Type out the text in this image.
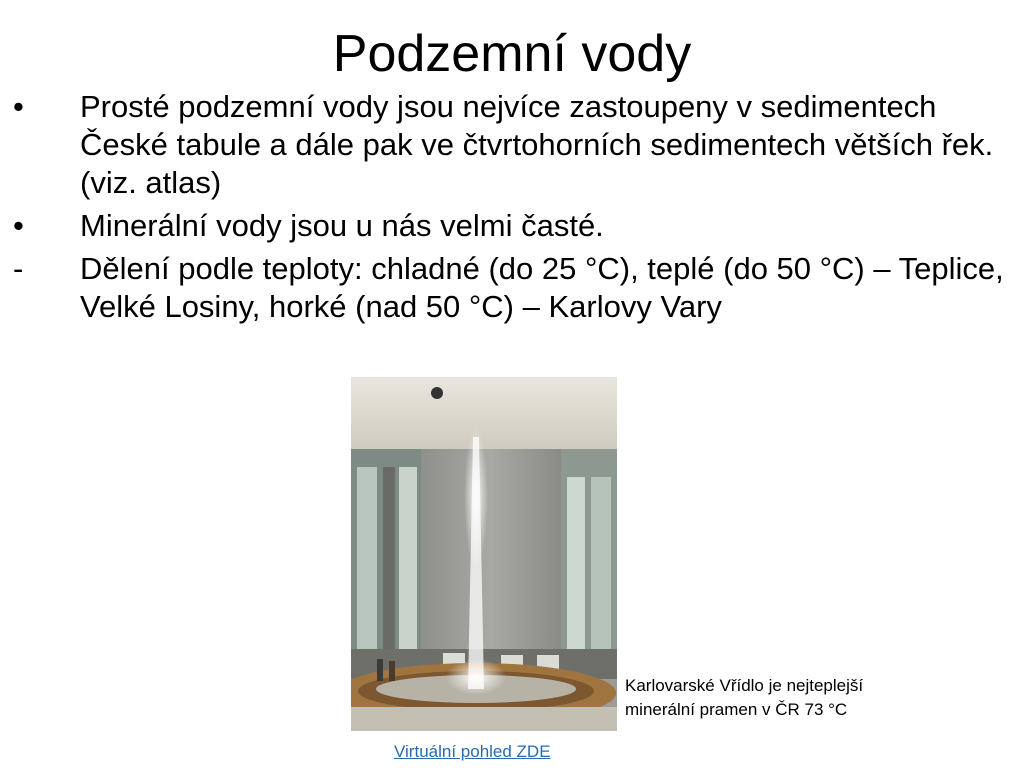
Podzemní vody
•	Prosté podzemní vody jsou nejvíce zastoupeny v sedimentech České tabule a dále pak ve čtvrtohorních sedimentech větších řek. (viz. atlas)
•	Minerální vody jsou u nás velmi časté.
-	Dělení podle teploty: chladné (do 25 °C), teplé (do 50 °C) – Teplice, Velké Losiny, horké (nad 50 °C) – Karlovy Vary
Karlovarské Vřídlo je nejteplejší minerální pramen v ČR 73 °C
Virtuální pohled ZDE
